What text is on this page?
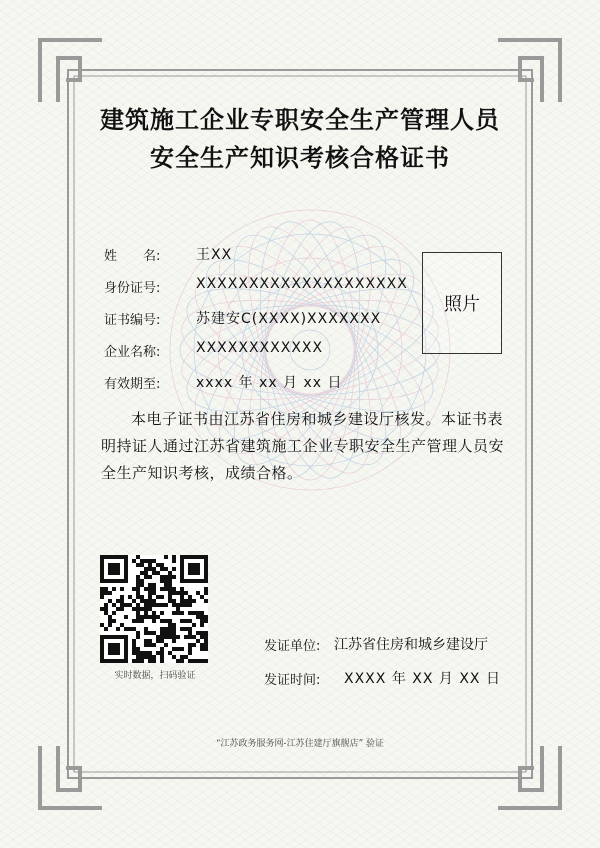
建筑施工企业专职安全生产管理人员
安全生产知识考核合格证书
姓　　名:	王XX
身份证号:	XXXXXXXXXXXXXXXXXXXX
证书编号:	苏建安C(XXXX)XXXXXXX
企业名称:	XXXXXXXXXXXX
有效期至:	xxxx 年 xx 月 xx 日
照片
本电子证书由江苏省住房和城乡建设厅核发。本证书表明持证人通过江苏省建筑施工企业专职安全生产管理人员安全生产知识考核，成绩合格。
实时数据，扫码验证
发证单位: 江苏省住房和城乡建设厅
发证时间: XXXX 年 XX 月 XX 日
“江苏政务服务网-江苏住建厅旗舰店” 验证
